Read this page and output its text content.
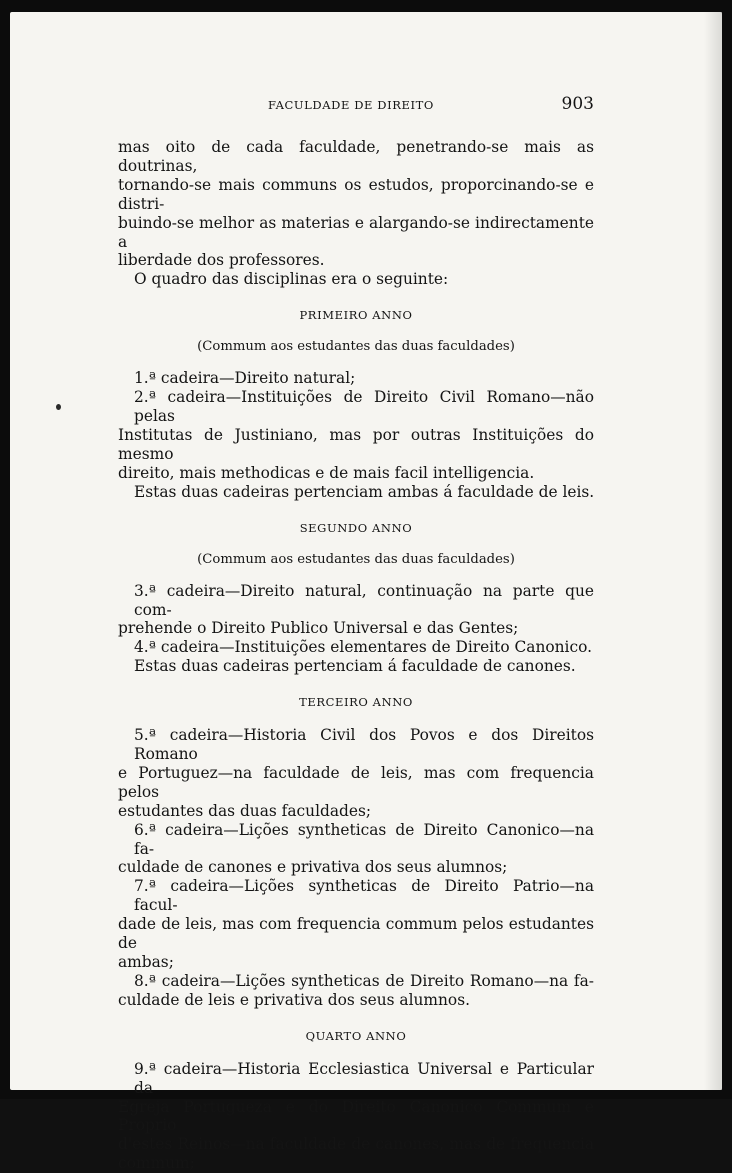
FACULDADE DE DIREITO	903
mas oito de cada faculdade, penetrando-se mais as doutrinas,
tornando-se mais communs os estudos, proporcinando-se e distri-
buindo-se melhor as materias e alargando-se indirectamente a
liberdade dos professores.
O quadro das disciplinas era o seguinte:
PRIMEIRO ANNO
(Commum aos estudantes das duas faculdades)
1.ª cadeira—Direito natural;
2.ª cadeira—Instituições de Direito Civil Romano—não pelas
Institutas de Justiniano, mas por outras Instituições do mesmo
direito, mais methodicas e de mais facil intelligencia.
Estas duas cadeiras pertenciam ambas á faculdade de leis.
SEGUNDO ANNO
(Commum aos estudantes das duas faculdades)
3.ª cadeira—Direito natural, continuação na parte que com-
prehende o Direito Publico Universal e das Gentes;
4.ª cadeira—Instituições elementares de Direito Canonico.
Estas duas cadeiras pertenciam á faculdade de canones.
TERCEIRO ANNO
5.ª cadeira—Historia Civil dos Povos e dos Direitos Romano
e Portuguez—na faculdade de leis, mas com frequencia pelos
estudantes das duas faculdades;
6.ª cadeira—Lições syntheticas de Direito Canonico—na fa-
culdade de canones e privativa dos seus alumnos;
7.ª cadeira—Lições syntheticas de Direito Patrio—na facul-
dade de leis, mas com frequencia commum pelos estudantes de
ambas;
8.ª cadeira—Lições syntheticas de Direito Romano—na fa-
culdade de leis e privativa dos seus alumnos.
QUARTO ANNO
9.ª cadeira—Historia Ecclesiastica Universal e Particular da
Egreja Portugueza e do Direito Canonico Commum e Proprio
d'estes Reinos—na faculdade de canones, mas de frequencia
commum;
